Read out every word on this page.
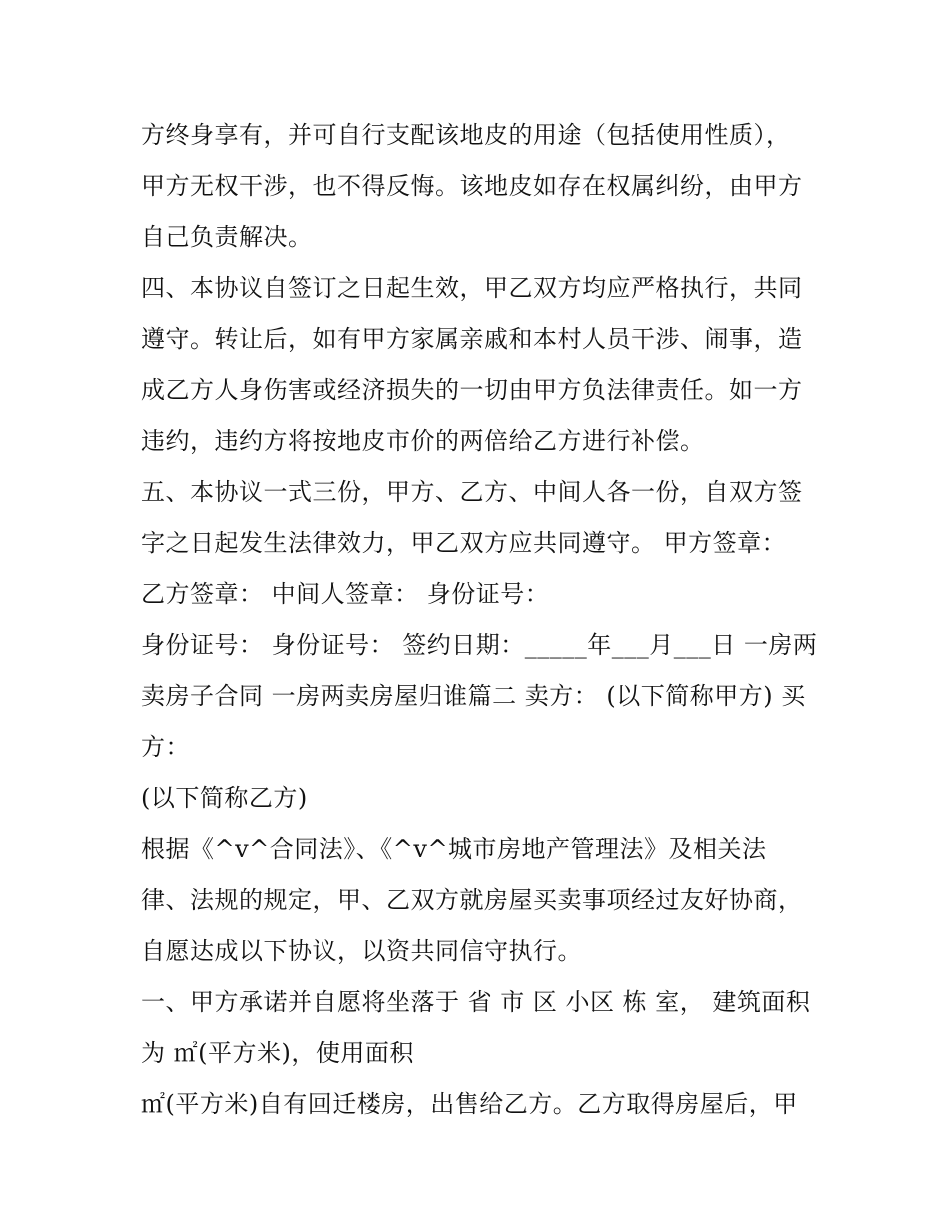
方终身享有，并可自行支配该地皮的用途（包括使用性质），
甲方无权干涉，也不得反悔。该地皮如存在权属纠纷，由甲方
自己负责解决。
四、本协议自签订之日起生效，甲乙双方均应严格执行，共同
遵守。转让后，如有甲方家属亲戚和本村人员干涉、闹事，造
成乙方人身伤害或经济损失的一切由甲方负法律责任。如一方
违约，违约方将按地皮市价的两倍给乙方进行补偿。
五、本协议一式三份，甲方、乙方、中间人各一份，自双方签
字之日起发生法律效力，甲乙双方应共同遵守。 甲方签章：
乙方签章： 中间人签章： 身份证号：
身份证号： 身份证号： 签约日期：_____年___月___日 一房两
卖房子合同 一房两卖房屋归谁篇二 卖方： (以下简称甲方) 买
方：
(以下简称乙方)
根据《^v^合同法》、《^v^城市房地产管理法》及相关法
律、法规的规定，甲、乙双方就房屋买卖事项经过友好协商，
自愿达成以下协议，以资共同信守执行。
一、甲方承诺并自愿将坐落于 省 市 区 小区 栋 室， 建筑面积
为 ㎡(平方米)，使用面积
㎡(平方米)自有回迁楼房，出售给乙方。乙方取得房屋后，甲
